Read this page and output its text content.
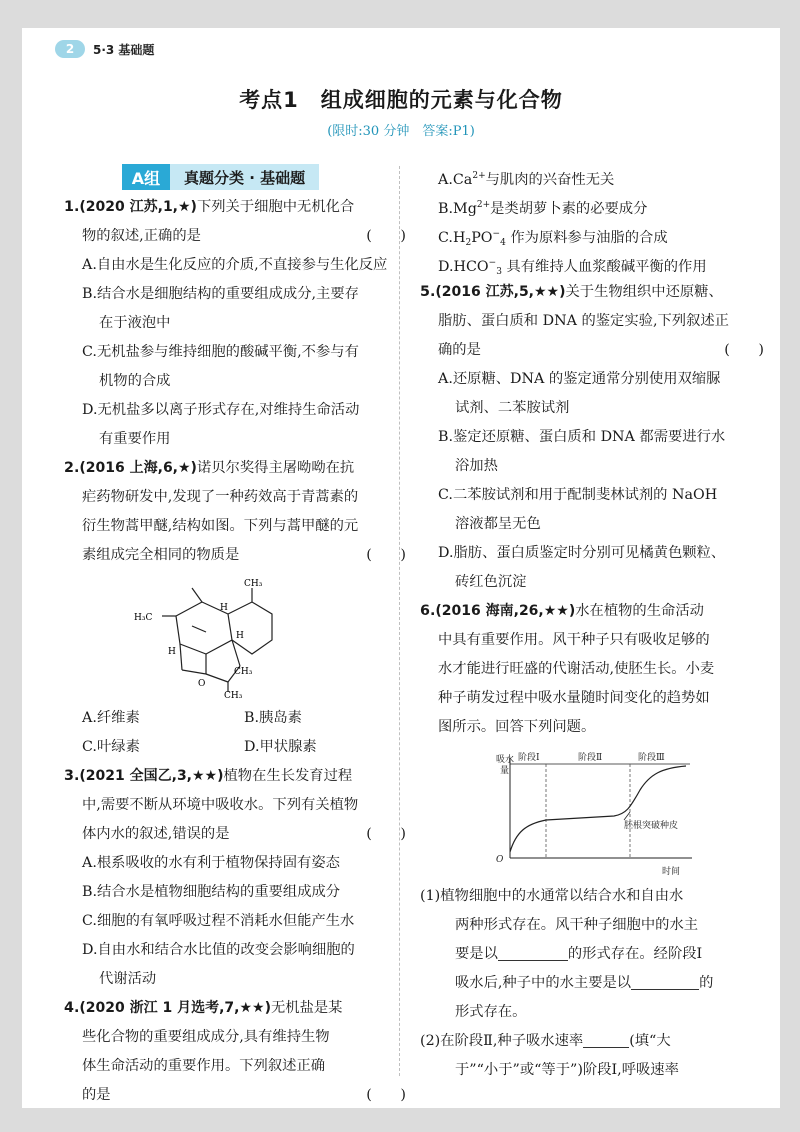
2	5·3 基础题
考点1　组成细胞的元素与化合物
(限时:30 分钟　答案:P1)
A组	真题分类 · 基础题
1.(2020 江苏,1,★)下列关于细胞中无机化合
物的叙述,正确的是	(　　)
A.自由水是生化反应的介质,不直接参与生化反应
B.结合水是细胞结构的重要组成成分,主要存
在于液泡中
C.无机盐参与维持细胞的酸碱平衡,不参与有
机物的合成
D.无机盐多以离子形式存在,对维持生命活动
有重要作用
2.(2016 上海,6,★)诺贝尔奖得主屠呦呦在抗
疟药物研发中,发现了一种药效高于青蒿素的
衍生物蒿甲醚,结构如图。下列与蒿甲醚的元
素组成完全相同的物质是	(　　)
CH₃
H₃C
H
H
H
CH₃
O
CH₃
A.纤维素	B.胰岛素
C.叶绿素	D.甲状腺素
3.(2021 全国乙,3,★★)植物在生长发育过程
中,需要不断从环境中吸收水。下列有关植物
体内水的叙述,错误的是	(　　)
A.根系吸收的水有利于植物保持固有姿态
B.结合水是植物细胞结构的重要组成成分
C.细胞的有氧呼吸过程不消耗水但能产生水
D.自由水和结合水比值的改变会影响细胞的
代谢活动
4.(2020 浙江 1 月选考,7,★★)无机盐是某
些化合物的重要组成成分,具有维持生物
体生命活动的重要作用。下列叙述正确
的是	(　　)
$A.Ca^{2+}$与肌肉的兴奋性无关
$B.Mg^{2+}$是类胡萝卜素的必要成分
$C.H_2PO^-_4$ 作为原料参与油脂的合成
$D.HCO^-_3$ 具有维持人血浆酸碱平衡的作用
5.(2016 江苏,5,★★)关于生物组织中还原糖、
脂肪、蛋白质和 DNA 的鉴定实验,下列叙述正
确的是	(　　)
A.还原糖、DNA 的鉴定通常分别使用双缩脲
试剂、二苯胺试剂
B.鉴定还原糖、蛋白质和 DNA 都需要进行水
浴加热
C.二苯胺试剂和用于配制斐林试剂的 NaOH
溶液都呈无色
D.脂肪、蛋白质鉴定时分别可见橘黄色颗粒、
砖红色沉淀
6.(2016 海南,26,★★)水在植物的生命活动
中具有重要作用。风干种子只有吸收足够的
水才能进行旺盛的代谢活动,使胚生长。小麦
种子萌发过程中吸水量随时间变化的趋势如
图所示。回答下列问题。
吸水
量
O
时间
阶段Ⅰ	阶段Ⅱ	阶段Ⅲ
胚根突破种皮
(1)植物细胞中的水通常以结合水和自由水
两种形式存在。风干种子细胞中的水主
要是以	的形式存在。经阶段Ⅰ
吸水后,种子中的水主要是以	的
形式存在。
(2)在阶段Ⅱ,种子吸水速率	(填“大
于”“小于”或“等于”)阶段Ⅰ,呼吸速率
